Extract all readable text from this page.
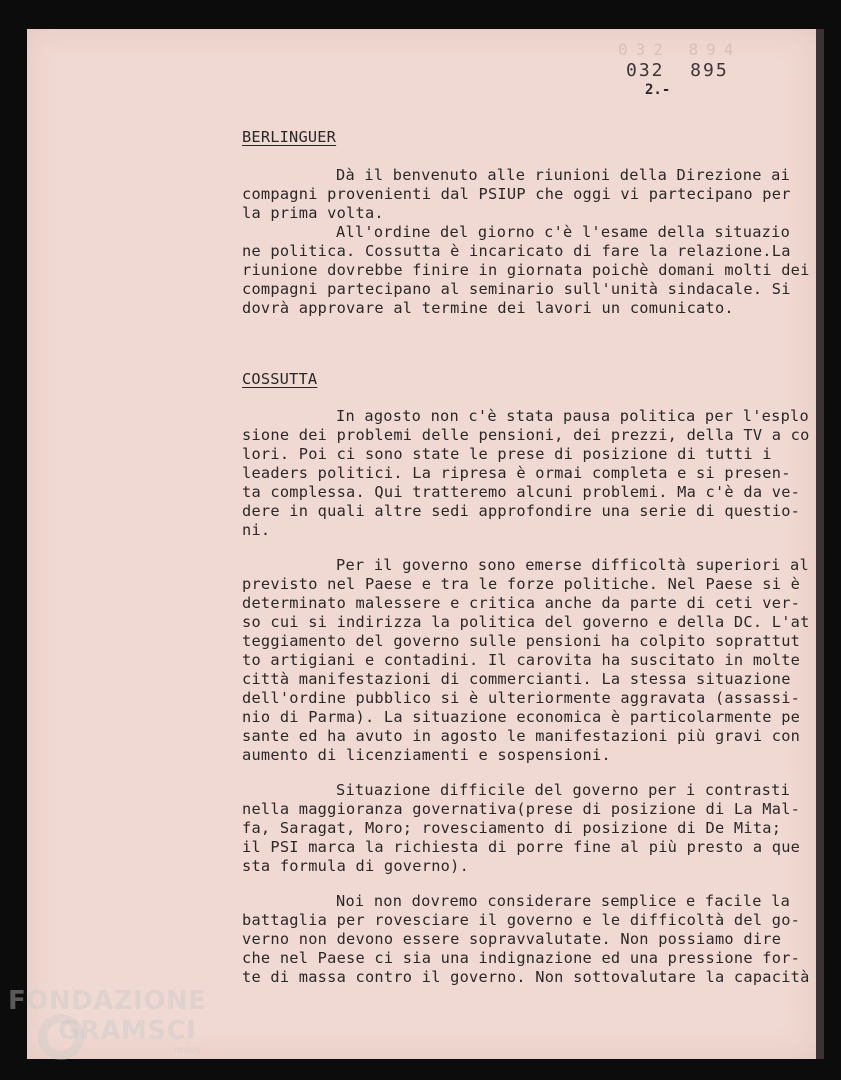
032 894
032  895
2.-
BERLINGUER
Dà il benvenuto alle riunioni della Direzione ai
compagni provenienti dal PSIUP che oggi vi partecipano per
la prima volta.
All'ordine del giorno c'è l'esame della situazio
ne politica. Cossutta è incaricato di fare la relazione.La
riunione dovrebbe finire in giornata poichè domani molti dei
compagni partecipano al seminario sull'unità sindacale. Si
dovrà approvare al termine dei lavori un comunicato.
COSSUTTA
In agosto non c'è stata pausa politica per l'esplo
sione dei problemi delle pensioni, dei prezzi, della TV a co
lori. Poi ci sono state le prese di posizione di tutti i
leaders politici. La ripresa è ormai completa e si presen-
ta complessa. Qui tratteremo alcuni problemi. Ma c'è da ve-
dere in quali altre sedi approfondire una serie di questio-
ni.
Per il governo sono emerse difficoltà superiori al
previsto nel Paese e tra le forze politiche. Nel Paese si è
determinato malessere e critica anche da parte di ceti ver-
so cui si indirizza la politica del governo e della DC. L'at
teggiamento del governo sulle pensioni ha colpito soprattut
to artigiani e contadini. Il carovita ha suscitato in molte
città manifestazioni di commercianti. La stessa situazione
dell'ordine pubblico si è ulteriormente aggravata (assassi-
nio di Parma). La situazione economica è particolarmente pe
sante ed ha avuto in agosto le manifestazioni più gravi con
aumento di licenziamenti e sospensioni.
Situazione difficile del governo per i contrasti
nella maggioranza governativa(prese di posizione di La Mal-
fa, Saragat, Moro; rovesciamento di posizione di De Mita;
il PSI marca la richiesta di porre fine al più presto a que
sta formula di governo).
Noi non dovremo considerare semplice e facile la
battaglia per rovesciare il governo e le difficoltà del go-
verno non devono essere sopravvalutate. Non possiamo dire
che nel Paese ci sia una indignazione ed una pressione for-
te di massa contro il governo. Non sottovalutare la capacità
FONDAZIONE
GRAMSCI
onlus
